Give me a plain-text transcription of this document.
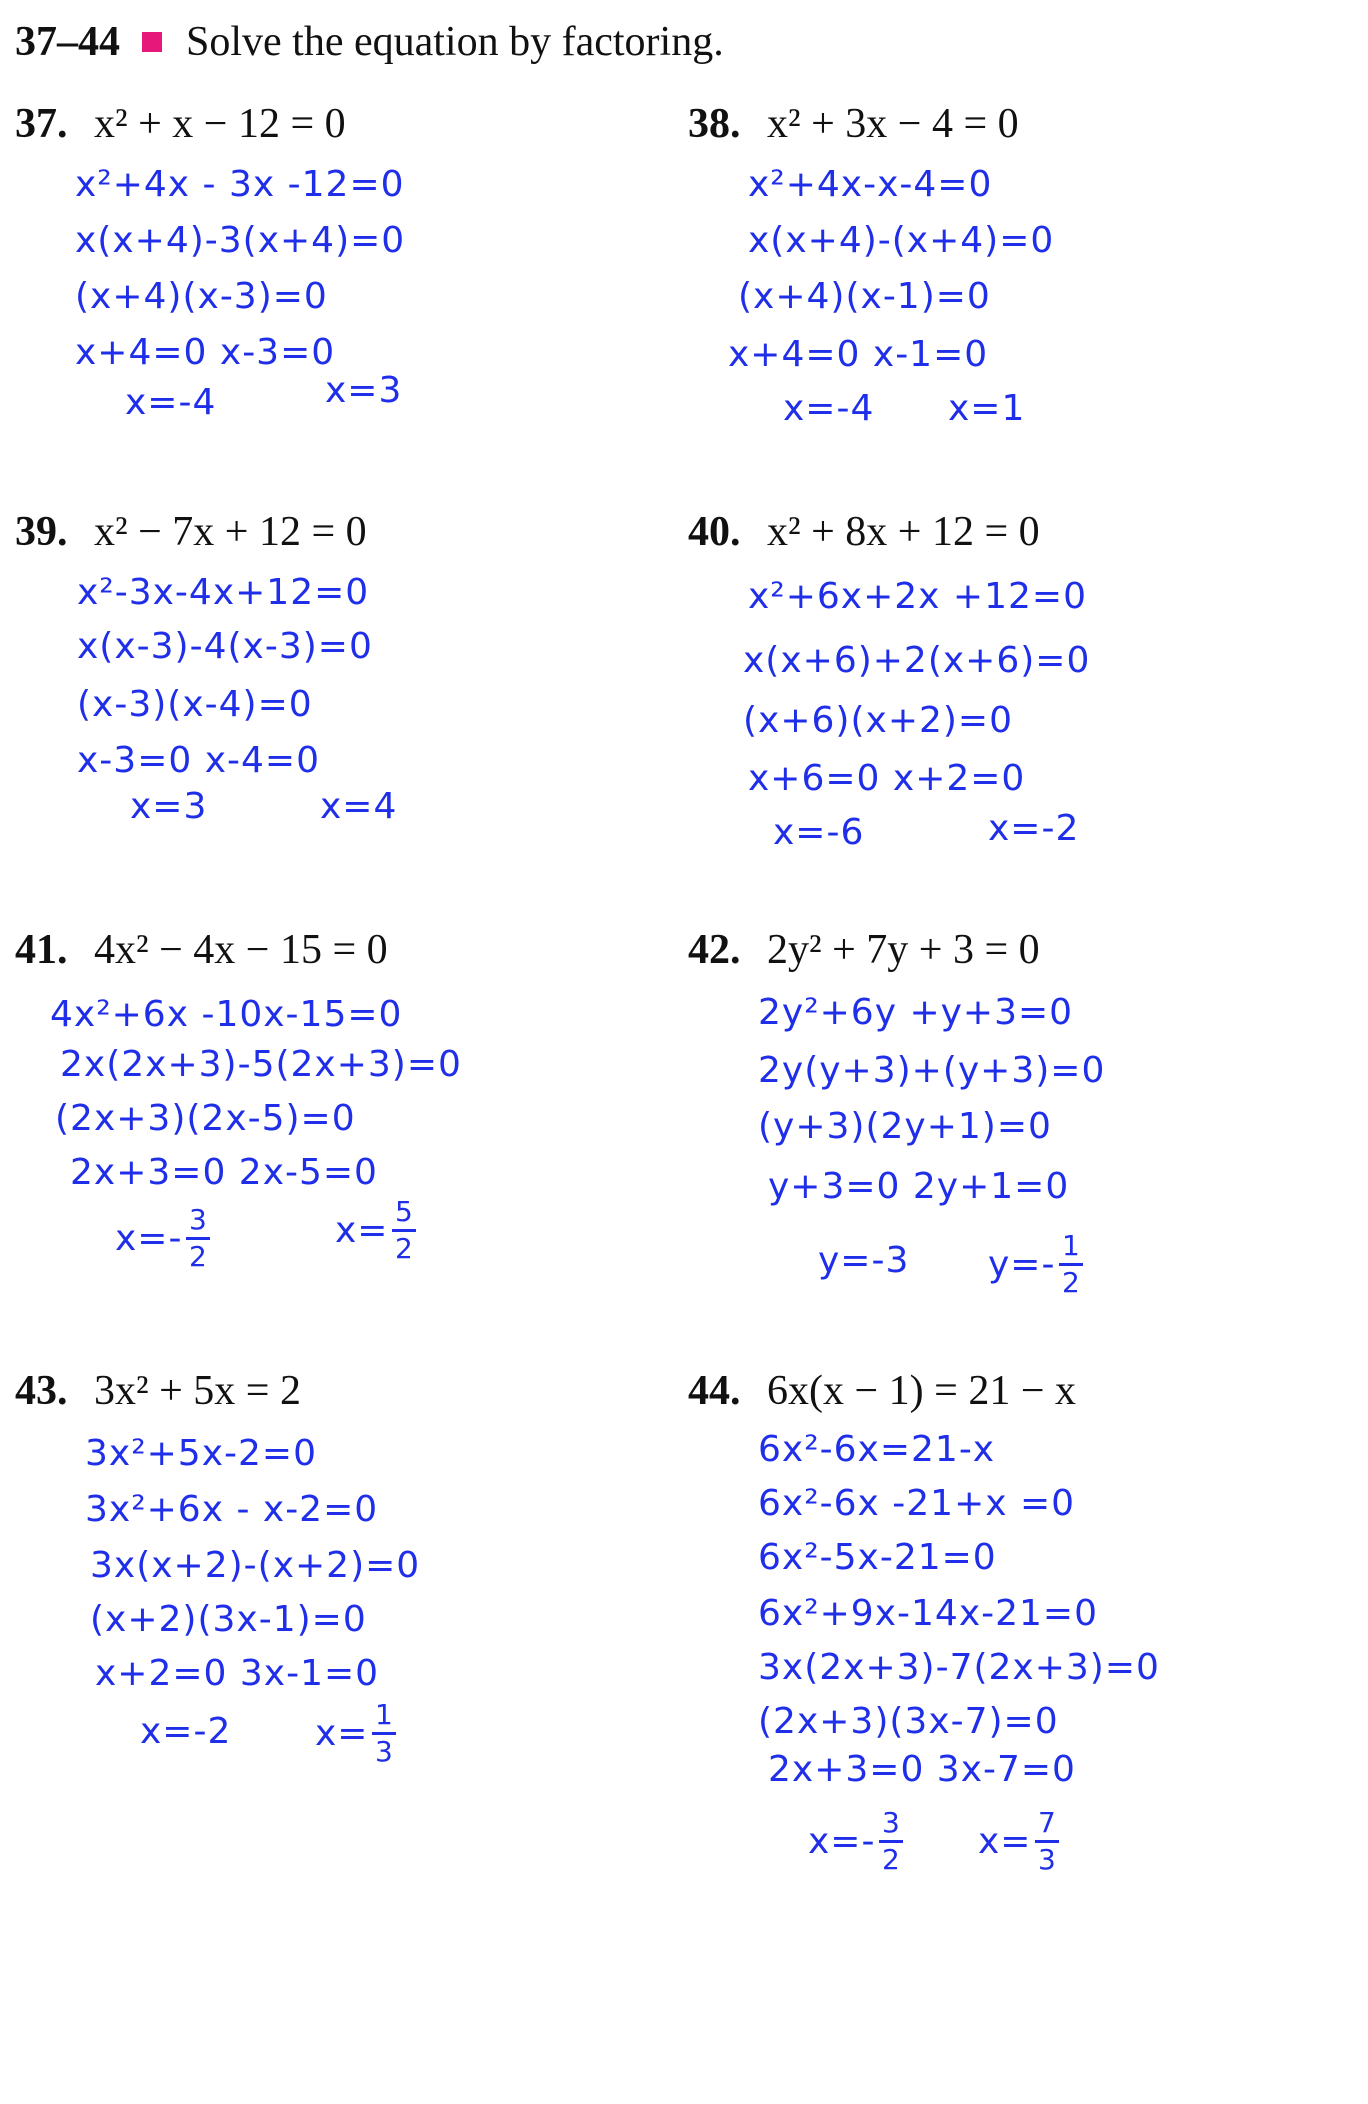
37–44 Solve the equation by factoring.
37. x² + x − 12 = 0
x²+4x - 3x -12=0
x(x+4)-3(x+4)=0
(x+4)(x-3)=0
x+4=0 x-3=0
x=-4	x=3
38. x² + 3x − 4 = 0
x²+4x-x-4=0
x(x+4)-(x+4)=0
(x+4)(x-1)=0
x+4=0 x-1=0
x=-4 x=1
39. x² − 7x + 12 = 0
x²-3x-4x+12=0
x(x-3)-4(x-3)=0
(x-3)(x-4)=0
x-3=0 x-4=0
x=3	x=4
40. x² + 8x + 12 = 0
x²+6x+2x +12=0
x(x+6)+2(x+6)=0
(x+6)(x+2)=0
x+6=0 x+2=0
x=-6	x=-2
41. 4x² − 4x − 15 = 0
4x²+6x -10x-15=0
2x(2x+3)-5(2x+3)=0
(2x+3)(2x-5)=0
2x+3=0 2x-5=0
$x=- \frac{3}{2}$	$x= \frac{5}{2}$
42. 2y² + 7y + 3 = 0
2y²+6y +y+3=0
2y(y+3)+(y+3)=0
(y+3)(2y+1)=0
y+3=0 2y+1=0
y=-3 $y=- \frac{1}{2}$
43. 3x² + 5x = 2
3x²+5x-2=0
3x²+6x - x-2=0
3x(x+2)-(x+2)=0
(x+2)(3x-1)=0
x+2=0 3x-1=0
x=-2 $x= \frac{1}{3}$
44. 6x(x − 1) = 21 − x
6x²-6x=21-x
6x²-6x -21+x =0
6x²-5x-21=0
6x²+9x-14x-21=0
3x(2x+3)-7(2x+3)=0
(2x+3)(3x-7)=0
2x+3=0 3x-7=0
$x=- \frac{3}{2} x= \frac{7}{3}$
